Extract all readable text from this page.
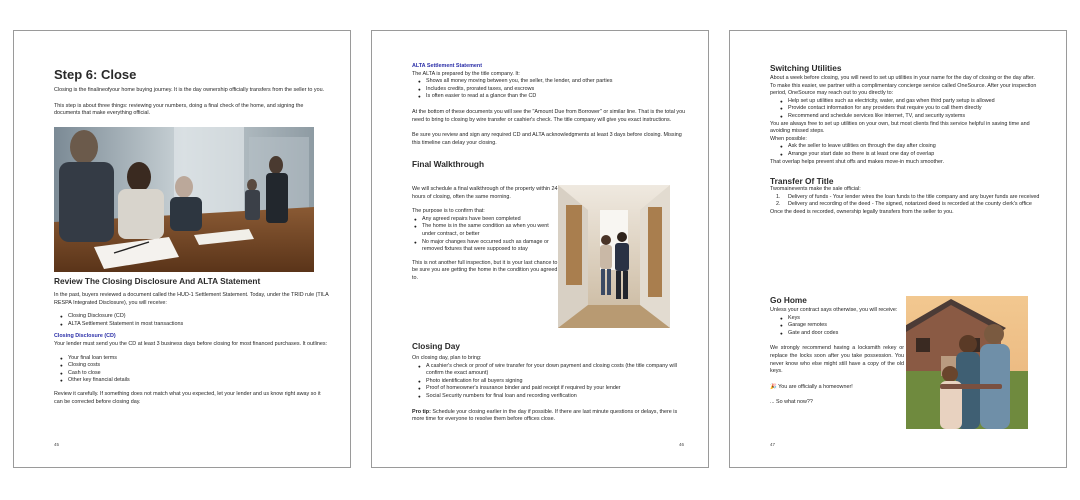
Step 6: Close

Closing is the finalineofyour home buying journey. It is the day ownership officially transfers from the seller to you.

This step is about three things: reviewing your numbers, doing a final check of the home, and signing the documents that make everything official.

Review The Closing Disclosure And ALTA Statement

In the past, buyers reviewed a document called the HUD-1 Settlement Statement. Today, under the TRID rule (TILA RESPA Integrated Disclosure), you will receive:

● Closing Disclosure (CD)
● ALTA Settlement Statement in most transactions
Closing Disclosure (CD)

Your lender must send you the CD at least 3 business days before closing for most financed purchases. It outlines:

● Your final loan terms
● Closing costs
● Cash to close
● Other key financial details

Review it carefully. If something does not match what you expected, let your lender and us know right away so it can be corrected before closing day.

45
ALTA Settlement Statement

The ALTA is prepared by the title company. It:

● Shows all money moving between you, the seller, the lender, and other parties
● Includes credits, prorated taxes, and escrows
● Is often easier to read at a glance than the CD

At the bottom of these documents you will see the "Amount Due from Borrower" or similar line. That is the total you need to bring to closing by wire transfer or cashier's check. The title company will give you exact instructions.

Be sure you review and sign any required CD and ALTA acknowledgments at least 3 days before closing. Missing this timeline can delay your closing.

Final Walkthrough

We will schedule a final walkthrough of the property within 24 hours of closing, often the same morning.

The purpose is to confirm that:

● Any agreed repairs have been completed
● The home is in the same condition as when you went under contract, or better
● No major changes have occurred such as damage or removed fixtures that were supposed to stay

This is not another full inspection, but it is your last chance to be sure you are getting the home in the condition you agreed to.

Closing Day

On closing day, plan to bring:

● A cashier's check or proof of wire transfer for your down payment and closing costs (the title company will confirm the exact amount)
● Photo identification for all buyers signing
● Proof of homeowner's insurance binder and paid receipt if required by your lender
● Social Security numbers for final loan and recording verification

Pro tip: Schedule your closing earlier in the day if possible. If there are last minute questions or delays, there is more time for everyone to resolve them before offices close.

46
Switching Utilities

About a week before closing, you will need to set up utilities in your name for the day of closing or the day after.

To make this easier, we partner with a complimentary concierge service called OneSource. After your inspection period, OneSource may reach out to you directly to:

● Help set up utilities such as electricity, water, and gas when third party setup is allowed
● Provide contact information for any providers that require you to call them directly
● Recommend and schedule services like internet, TV, and security systems

You are always free to set up utilities on your own, but most clients find this service helpful in saving time and avoiding missed steps.

When possible:

● Ask the seller to leave utilities on through the day after closing
● Arrange your start date so there is at least one day of overlap

That overlap helps prevent shut offs and makes move-in much smoother.

Transfer Of Title

Twomainevents make the sale official:

1. Delivery of funds - Your lender wires the loan funds to the title company and any buyer funds are received
2. Delivery and recording of the deed - The signed, notarized deed is recorded at the county clerk's office

Once the deed is recorded, ownership legally transfers from the seller to you.

Go Home

Unless your contract says otherwise, you will receive:

● Keys
● Garage remotes
● Gate and door codes

We strongly recommend having a locksmith rekey or replace the locks soon after you take possession. You never know who else might still have a copy of the old keys.

🎉 You are officially a homeowner!

... So what now??

47
